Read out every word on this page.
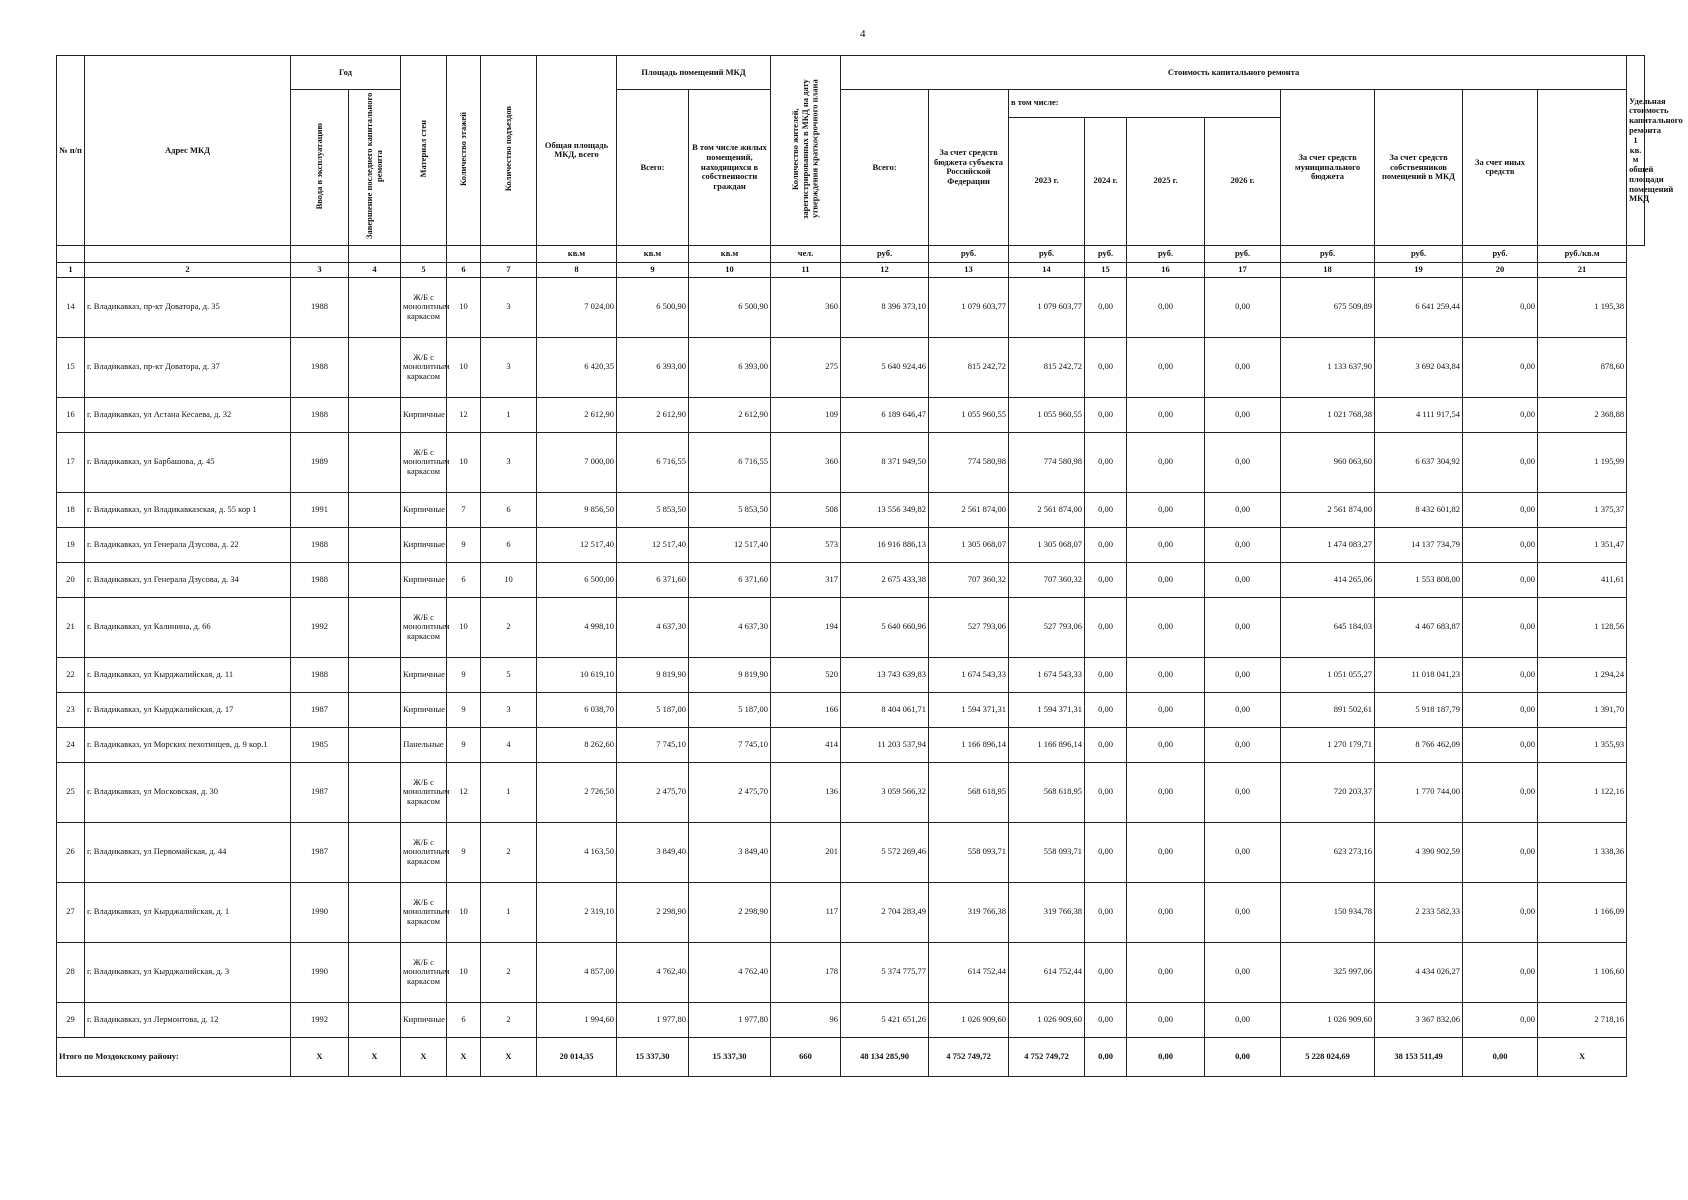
4
№ п/п	Адрес МКД	Год		Материал стен	Количество этажей	Количество подъездов	Общая площадь МКД, всего	Площадь помещений МКД		Количество жителей, зарегистрированных в МКД на дату утверждения краткосрочного плана	Стоимость капитального ремонта										Удельная стоимость капитального ремонта 1 кв. м общей площади помещений МКД
		Ввода в эксплуатацию	Завершение последнего капитального ремонта					Всего:	В том числе жилых помещений, находящихся в собственности граждан		Всего:	За счет средств бюджета субъекта Российской Федерации	в том числе:				За счет средств муниципального бюджета	За счет средств собственников помещений в МКД	За счет иных средств		
													2023 г.	2024 г.	2025 г.	2026 г.					
							кв.м	кв.м	кв.м	чел.	руб.	руб.	руб.	руб.	руб.	руб.	руб.	руб.	руб.	руб./кв.м	
1	2	3	4	5	6	7	8	9	10	11	12	13	14	15	16	17	18	19	20	21	
14	г. Владикавказ, пр-кт Доватора, д. 35	1988		Ж/Б с монолитным каркасом	10	3	7 024,00	6 500,90	6 500,90	360	8 396 373,10	1 079 603,77	1 079 603,77	0,00	0,00	0,00	675 509,89	6 641 259,44	0,00	1 195,38	
15	г. Владикавказ, пр-кт Доватора, д. 37	1988		Ж/Б с монолитным каркасом	10	3	6 420,35	6 393,00	6 393,00	275	5 640 924,46	815 242,72	815 242,72	0,00	0,00	0,00	1 133 637,90	3 692 043,84	0,00	878,60	
16	г. Владикавказ, ул Астана Кесаева, д. 32	1988		Кирпичные	12	1	2 612,90	2 612,90	2 612,90	109	6 189 646,47	1 055 960,55	1 055 960,55	0,00	0,00	0,00	1 021 768,38	4 111 917,54	0,00	2 368,88	
17	г. Владикавказ, ул Барбашова, д. 45	1989		Ж/Б с монолитным каркасом	10	3	7 000,00	6 716,55	6 716,55	360	8 371 949,50	774 580,98	774 580,98	0,00	0,00	0,00	960 063,60	6 637 304,92	0,00	1 195,99	
18	г. Владикавказ, ул Владикавказская, д. 55 кор 1	1991		Кирпичные	7	6	9 856,50	5 853,50	5 853,50	508	13 556 349,82	2 561 874,00	2 561 874,00	0,00	0,00	0,00	2 561 874,00	8 432 601,82	0,00	1 375,37	
19	г. Владикавказ, ул Генерала Дзусова, д. 22	1988		Кирпичные	9	6	12 517,40	12 517,40	12 517,40	573	16 916 886,13	1 305 068,07	1 305 068,07	0,00	0,00	0,00	1 474 083,27	14 137 734,79	0,00	1 351,47	
20	г. Владикавказ, ул Генерала Дзусова, д. 34	1988		Кирпичные	6	10	6 500,00	6 371,60	6 371,60	317	2 675 433,38	707 360,32	707 360,32	0,00	0,00	0,00	414 265,06	1 553 808,00	0,00	411,61	
21	г. Владикавказ, ул Калинина, д. 66	1992		Ж/Б с монолитным каркасом	10	2	4 998,10	4 637,30	4 637,30	194	5 640 660,96	527 793,06	527 793,06	0,00	0,00	0,00	645 184,03	4 467 683,87	0,00	1 128,56	
22	г. Владикавказ, ул Кырджалийская, д. 11	1988		Кирпичные	9	5	10 619,10	9 819,90	9 819,90	520	13 743 639,83	1 674 543,33	1 674 543,33	0,00	0,00	0,00	1 051 055,27	11 018 041,23	0,00	1 294,24	
23	г. Владикавказ, ул Кырджалийская, д. 17	1987		Кирпичные	9	3	6 038,70	5 187,00	5 187,00	166	8 404 061,71	1 594 371,31	1 594 371,31	0,00	0,00	0,00	891 502,61	5 918 187,79	0,00	1 391,70	
24	г. Владикавказ, ул Морских пехотинцев, д. 9 кор.1	1985		Панельные	9	4	8 262,60	7 745,10	7 745,10	414	11 203 537,94	1 166 896,14	1 166 896,14	0,00	0,00	0,00	1 270 179,71	8 766 462,09	0,00	1 355,93	
25	г. Владикавказ, ул Московская, д. 30	1987		Ж/Б с монолитным каркасом	12	1	2 726,50	2 475,70	2 475,70	136	3 059 566,32	568 618,95	568 618,95	0,00	0,00	0,00	720 203,37	1 770 744,00	0,00	1 122,16	
26	г. Владикавказ, ул Первомайская, д. 44	1987		Ж/Б с монолитным каркасом	9	2	4 163,50	3 849,40	3 849,40	201	5 572 269,46	558 093,71	558 093,71	0,00	0,00	0,00	623 273,16	4 390 902,59	0,00	1 338,36	
27	г. Владикавказ, ул Кырджалийская, д. 1	1990		Ж/Б с монолитным каркасом	10	1	2 319,10	2 298,90	2 298,90	117	2 704 283,49	319 766,38	319 766,38	0,00	0,00	0,00	150 934,78	2 233 582,33	0,00	1 166,09	
28	г. Владикавказ, ул Кырджалийская, д. 3	1990		Ж/Б с монолитным каркасом	10	2	4 857,00	4 762,40	4 762,40	178	5 374 775,77	614 752,44	614 752,44	0,00	0,00	0,00	325 997,06	4 434 026,27	0,00	1 106,60	
29	г. Владикавказ, ул Лермонтова, д. 12	1992		Кирпичные	6	2	1 994,60	1 977,80	1 977,80	96	5 421 651,26	1 026 909,60	1 026 909,60	0,00	0,00	0,00	1 026 909,60	3 367 832,06	0,00	2 718,16	
Итого по Моздокскому району:		X	X	X	X	X	20 014,35	15 337,30	15 337,30	660	48 134 285,90	4 752 749,72	4 752 749,72	0,00	0,00	0,00	5 228 024,69	38 153 511,49	0,00	X	
